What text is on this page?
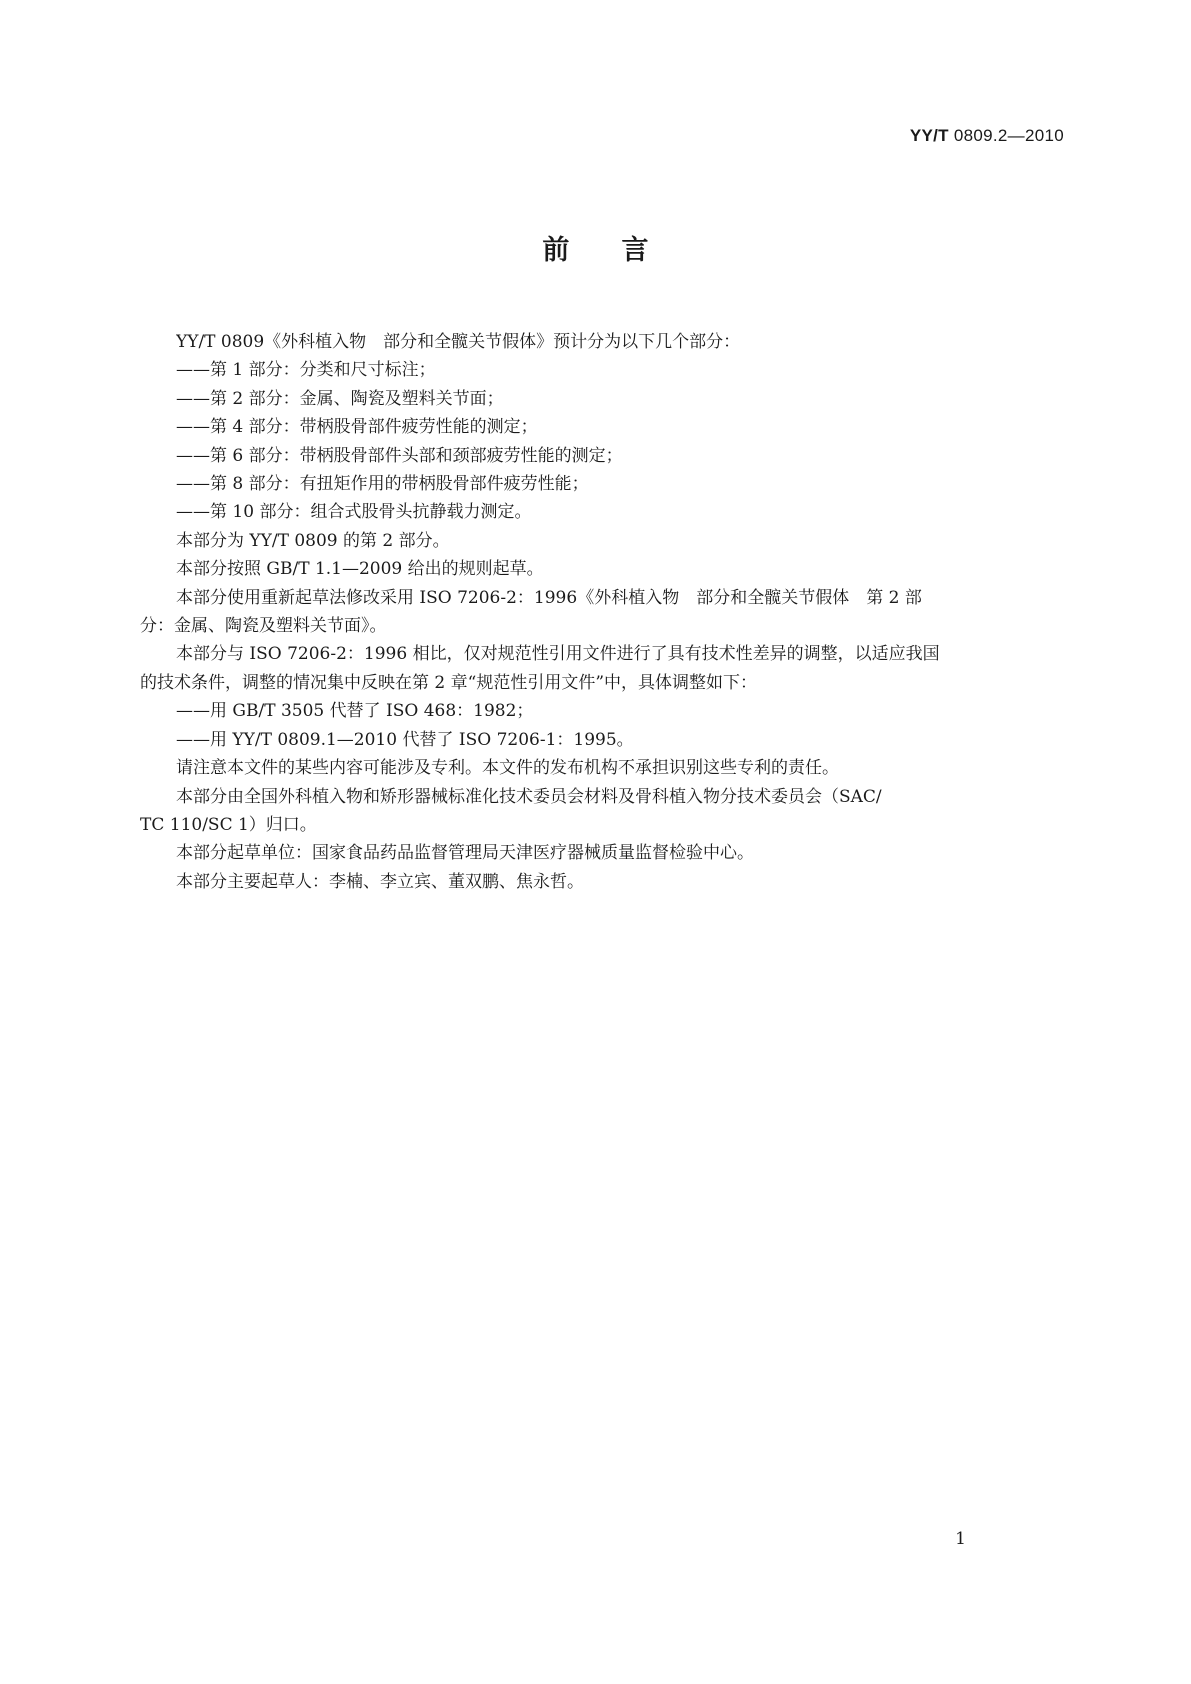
YY/T 0809.2—2010
前 言

YY/T 0809《外科植入物　部分和全髋关节假体》预计分为以下几个部分：

——第 1 部分：分类和尺寸标注；

——第 2 部分：金属、陶瓷及塑料关节面；

——第 4 部分：带柄股骨部件疲劳性能的测定；

——第 6 部分：带柄股骨部件头部和颈部疲劳性能的测定；

——第 8 部分：有扭矩作用的带柄股骨部件疲劳性能；

——第 10 部分：组合式股骨头抗静载力测定。

本部分为 YY/T 0809 的第 2 部分。

本部分按照 GB/T 1.1—2009 给出的规则起草。

本部分使用重新起草法修改采用 ISO 7206-2：1996《外科植入物　部分和全髋关节假体　第 2 部

分：金属、陶瓷及塑料关节面》。

本部分与 ISO 7206-2：1996 相比，仅对规范性引用文件进行了具有技术性差异的调整，以适应我国

的技术条件，调整的情况集中反映在第 2 章“规范性引用文件”中，具体调整如下：

——用 GB/T 3505 代替了 ISO 468：1982；

——用 YY/T 0809.1—2010 代替了 ISO 7206-1：1995。

请注意本文件的某些内容可能涉及专利。本文件的发布机构不承担识别这些专利的责任。

本部分由全国外科植入物和矫形器械标准化技术委员会材料及骨科植入物分技术委员会（SAC/

TC 110/SC 1）归口。

本部分起草单位：国家食品药品监督管理局天津医疗器械质量监督检验中心。

本部分主要起草人：李楠、李立宾、董双鹏、焦永哲。

1
